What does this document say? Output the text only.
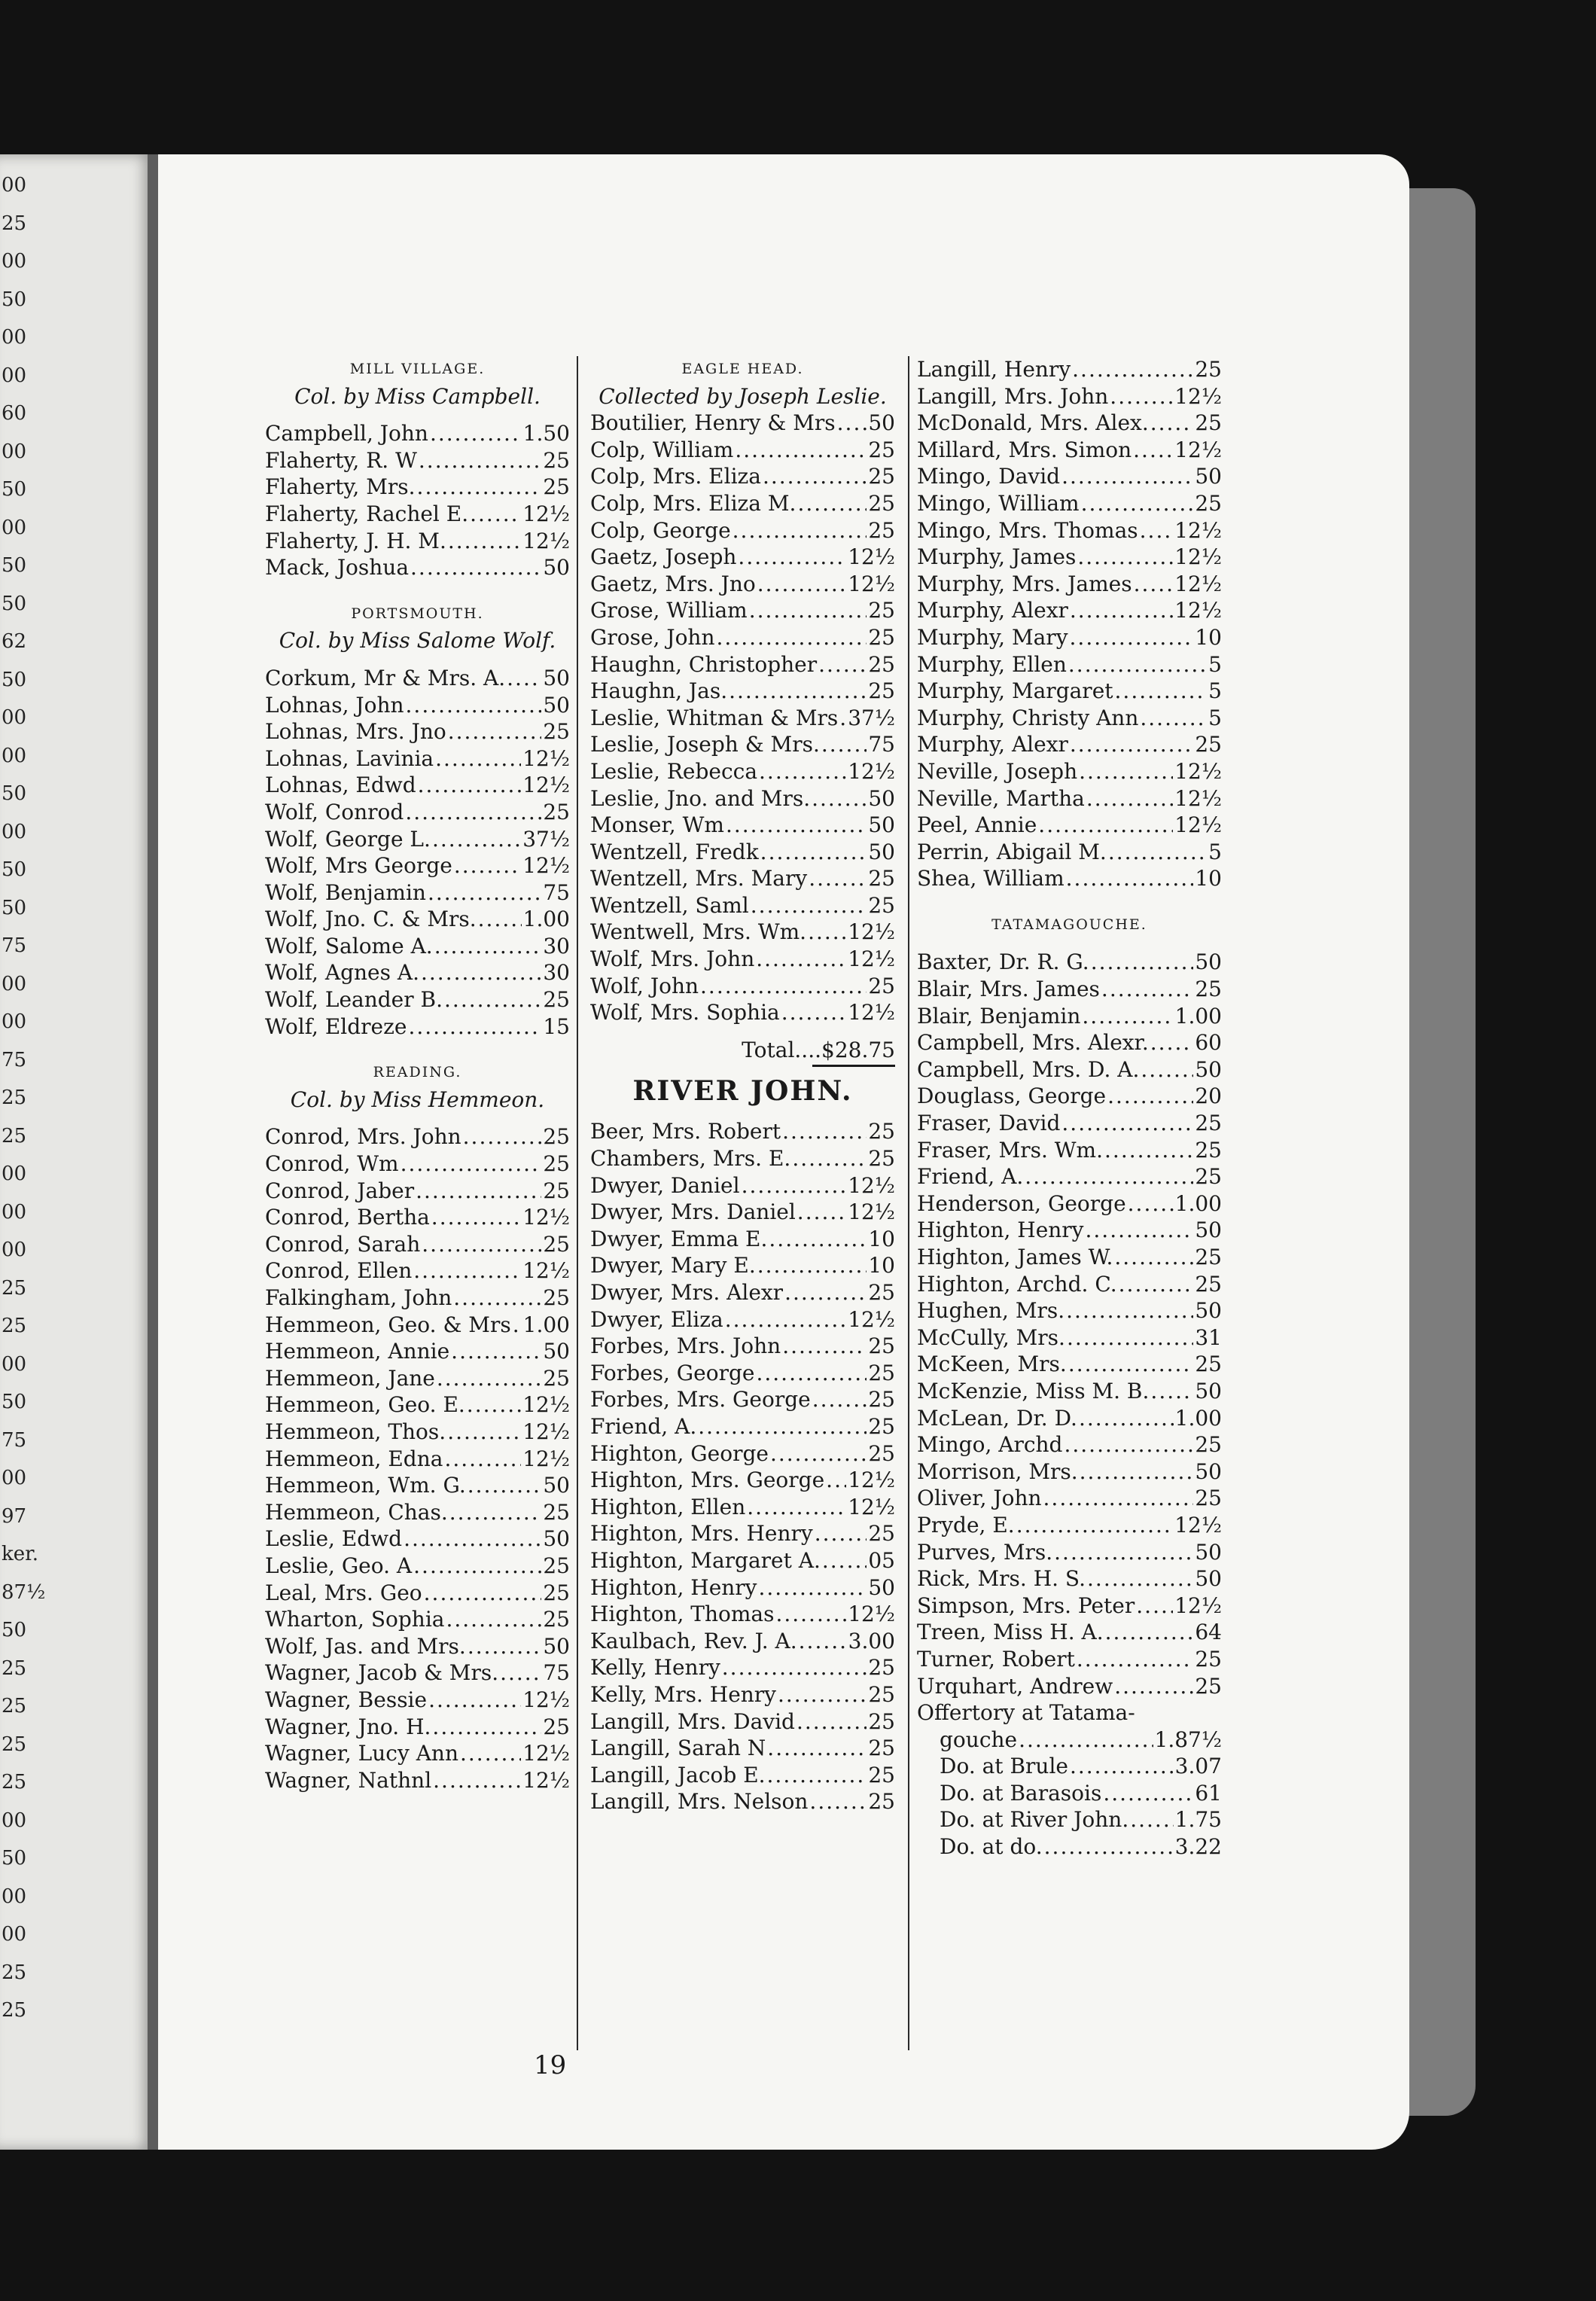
00
25
00
50
00
00
60
00
50
00
50
50
62
50
00
00
50
00
50
50
75
00
00
75
25
25
00
00
00
25
25
00
50
75
00
97
ker.
87½
50
25
25
25
25
00
50
00
00
25
25
MILL VILLAGE.
Col. by Miss Campbell.
Campbell, John .....	1.50
Flaherty, R. W .....	25
Flaherty, Mrs. .....	25
Flaherty, Rachel E. .....	12½
Flaherty, J. H. M. .....	12½
Mack, Joshua .....	50
PORTSMOUTH.
Col. by Miss Salome Wolf.
Corkum, Mr & Mrs. A. ..... 50
Lohnas, John .....	50
Lohnas, Mrs. Jno .....	25
Lohnas, Lavinia .....	12½
Lohnas, Edwd .....	12½
Wolf, Conrod .....	25
Wolf, George L. .....	37½
Wolf, Mrs George .....	12½
Wolf, Benjamin .....	75
Wolf, Jno. C. & Mrs. ..... 1.00
Wolf, Salome A. .....	30
Wolf, Agnes A. .....	30
Wolf, Leander B. .....	25
Wolf, Eldreze .....	15
READING.
Col. by Miss Hemmeon.
Conrod, Mrs. John .....	25
Conrod, Wm .....	25
Conrod, Jaber .....	25
Conrod, Bertha .....	12½
Conrod, Sarah .....	25
Conrod, Ellen .....	12½
Falkingham, John .....	25
Hemmeon, Geo. & Mrs ..... 1.00
Hemmeon, Annie .....	50
Hemmeon, Jane .....	25
Hemmeon, Geo. E. .....	12½
Hemmeon, Thos. .....	12½
Hemmeon, Edna .....	12½
Hemmeon, Wm. G. .....	50
Hemmeon, Chas. .....	25
Leslie, Edwd .....	50
Leslie, Geo. A .....	25
Leal, Mrs. Geo .....	25
Wharton, Sophia .....	25
Wolf, Jas. and Mrs. .....	50
Wagner, Jacob & Mrs. ..... 75
Wagner, Bessie .....	12½
Wagner, Jno. H. .....	25
Wagner, Lucy Ann .....	12½
Wagner, Nathnl .....	12½
EAGLE HEAD.
Collected by Joseph Leslie.
Boutilier, Henry & Mrs ..... 50
Colp, William .....	25
Colp, Mrs. Eliza .....	25
Colp, Mrs. Eliza M. .....	25
Colp, George .....	25
Gaetz, Joseph .....	12½
Gaetz, Mrs. Jno .....	12½
Grose, William .....	25
Grose, John .....	25
Haughn, Christopher ..... 25
Haughn, Jas. .....	25
Leslie, Whitman & Mrs ..... 37½
Leslie, Joseph & Mrs. ..... 75
Leslie, Rebecca .....	12½
Leslie, Jno. and Mrs. .....	50
Monser, Wm .....	50
Wentzell, Fredk .....	50
Wentzell, Mrs. Mary .....	25
Wentzell, Saml .....	25
Wentwell, Mrs. Wm. ..... 12½
Wolf, Mrs. John .....	12½
Wolf, John .....	25
Wolf, Mrs. Sophia .....	12½
Total....$28.75
RIVER JOHN.
Beer, Mrs. Robert .....	25
Chambers, Mrs. E. .....	25
Dwyer, Daniel .....	12½
Dwyer, Mrs. Daniel ..... 12½
Dwyer, Emma E. .....	10
Dwyer, Mary E. .....	10
Dwyer, Mrs. Alexr .....	25
Dwyer, Eliza .....	12½
Forbes, Mrs. John .....	25
Forbes, George .....	25
Forbes, Mrs. George .....	25
Friend, A. .....	25
Highton, George .....	25
Highton, Mrs. George ..... 12½
Highton, Ellen .....	12½
Highton, Mrs. Henry .....	25
Highton, Margaret A. ..... 05
Highton, Henry .....	50
Highton, Thomas .....	12½
Kaulbach, Rev. J. A. ..... 3.00
Kelly, Henry .....	25
Kelly, Mrs. Henry .....	25
Langill, Mrs. David .....	25
Langill, Sarah N .....	25
Langill, Jacob E. .....	25
Langill, Mrs. Nelson .....	25
Langill, Henry .....	25
Langill, Mrs. John .....	12½
McDonald, Mrs. Alex. ..... 25
Millard, Mrs. Simon ..... 12½
Mingo, David .....	50
Mingo, William .....	25
Mingo, Mrs. Thomas ..... 12½
Murphy, James .....	12½
Murphy, Mrs. James ..... 12½
Murphy, Alexr .....	12½
Murphy, Mary .....	10
Murphy, Ellen .....	5
Murphy, Margaret .....	5
Murphy, Christy Ann .....	5
Murphy, Alexr .....	25
Neville, Joseph .....	12½
Neville, Martha .....	12½
Peel, Annie .....	12½
Perrin, Abigail M. .....	5
Shea, William .....	10
TATAMAGOUCHE.
Baxter, Dr. R. G. .....	50
Blair, Mrs. James .....	25
Blair, Benjamin .....	1.00
Campbell, Mrs. Alexr. ..... 60
Campbell, Mrs. D. A. .....	50
Douglass, George .....	20
Fraser, David .....	25
Fraser, Mrs. Wm. .....	25
Friend, A. .....	25
Henderson, George ..... 1.00
Highton, Henry .....	50
Highton, James W. .....	25
Highton, Archd. C. .....	25
Hughen, Mrs. .....	50
McCully, Mrs. .....	31
McKeen, Mrs. .....	25
McKenzie, Miss M. B. ..... 50
McLean, Dr. D. .....	1.00
Mingo, Archd .....	25
Morrison, Mrs. .....	50
Oliver, John .....	25
Pryde, E. .....	12½
Purves, Mrs. .....	50
Rick, Mrs. H. S. .....	50
Simpson, Mrs. Peter ..... 12½
Treen, Miss H. A. .....	64
Turner, Robert .....	25
Urquhart, Andrew .....	25
Offertory at Tatama-
gouche .....	1.87½
Do. at Brule .....	3.07
Do. at Barasois .....	61
Do. at River John. ..... 1.75
Do. at do. .....	3.22
19
